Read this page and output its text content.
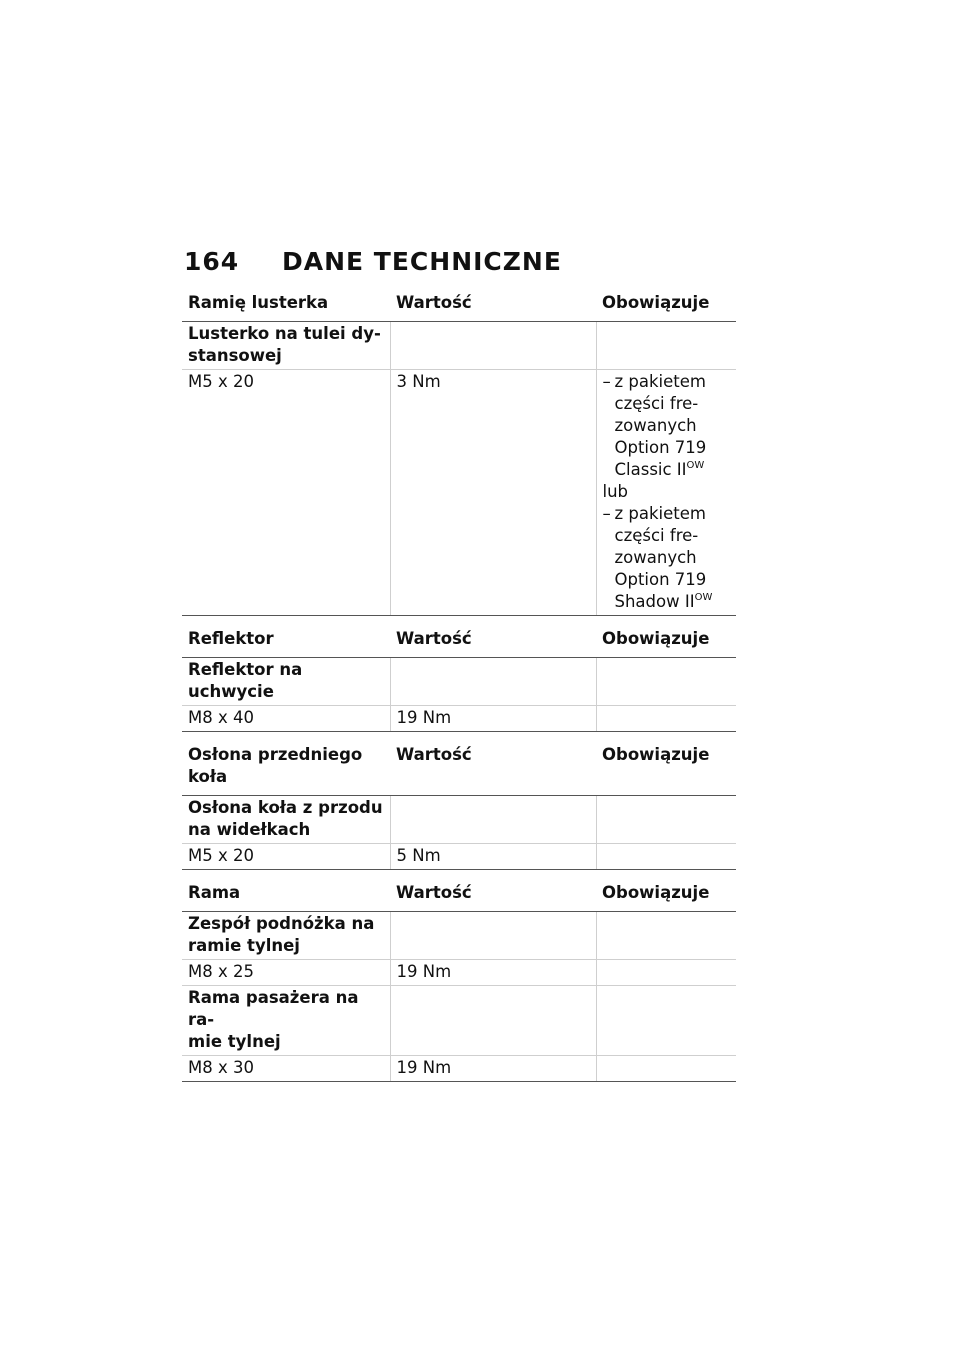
164	DANE TECHNICZNE
Ramię lusterka	Wartość	Obowiązuje
Lusterko na tulei dy-
stansowej		
M5 x 20	3 Nm	– z pakietem części fre-zowanych Option 719 Classic $II^{OW}$
lub
– z pakietem części fre-zowanych Option 719 Shadow $II^{OW}$
Reflektor	Wartość	Obowiązuje
Reflektor na uchwycie		
M8 x 40	19 Nm	
Osłona przedniego koła	Wartość	Obowiązuje
Osłona koła z przodu na widełkach		
M5 x 20	5 Nm	
Rama	Wartość	Obowiązuje
Zespół podnóżka na ramie tylnej		
M8 x 25	19 Nm	
Rama pasażera na ra-
mie tylnej		
M8 x 30	19 Nm	
